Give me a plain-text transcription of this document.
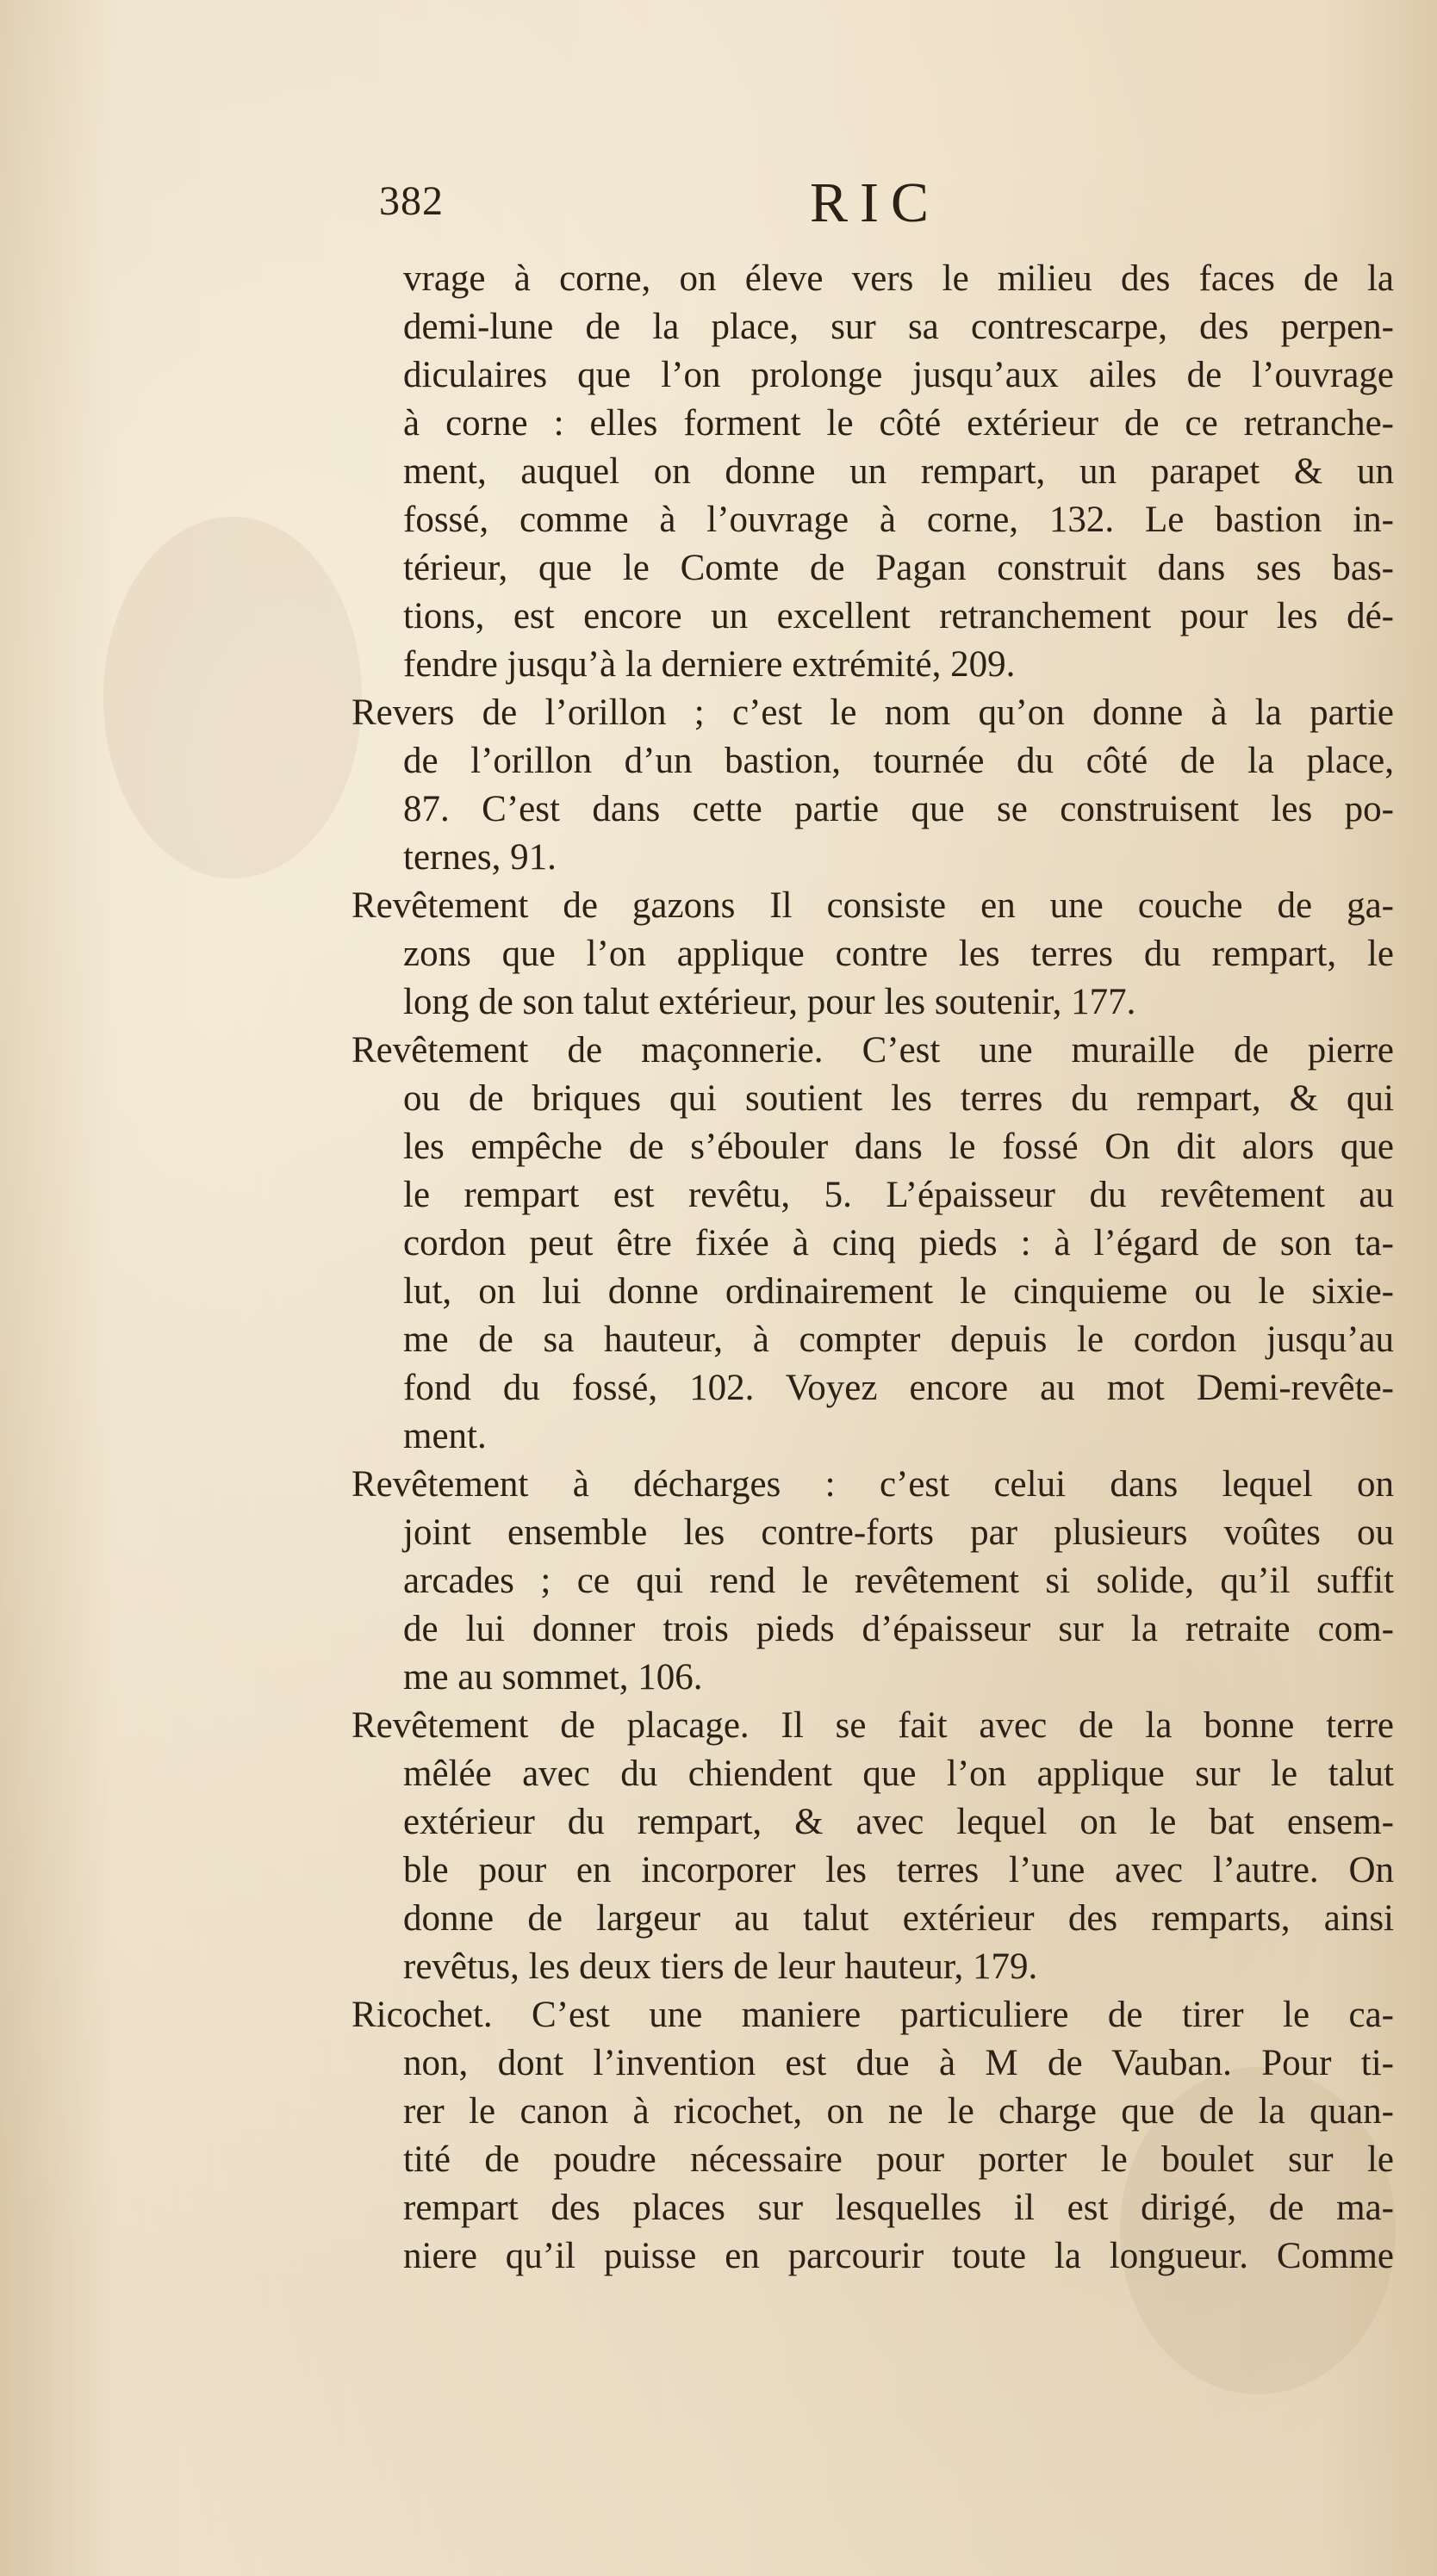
382	RIC
vrage à corne, on éleve vers le milieu des faces de la
demi-lune de la place, sur sa contrescarpe, des perpen-
diculaires que l’on prolonge jusqu’aux ailes de l’ouvrage
à corne : elles forment le côté extérieur de ce retranche-
ment, auquel on donne un rempart, un parapet & un
fossé, comme à l’ouvrage à corne, 132. Le bastion in-
térieur, que le Comte de Pagan construit dans ses bas-
tions, est encore un excellent retranchement pour les dé-
fendre jusqu’à la derniere extrémité, 209.
Revers de l’orillon ; c’est le nom qu’on donne à la partie
de l’orillon d’un bastion, tournée du côté de la place,
87. C’est dans cette partie que se construisent les po-
ternes, 91.
Revêtement de gazons Il consiste en une couche de ga-
zons que l’on applique contre les terres du rempart, le
long de son talut extérieur, pour les soutenir, 177.
Revêtement de maçonnerie. C’est une muraille de pierre
ou de briques qui soutient les terres du rempart, & qui
les empêche de s’ébouler dans le fossé On dit alors que
le rempart est revêtu, 5. L’épaisseur du revêtement au
cordon peut être fixée à cinq pieds : à l’égard de son ta-
lut, on lui donne ordinairement le cinquieme ou le sixie-
me de sa hauteur, à compter depuis le cordon jusqu’au
fond du fossé, 102. Voyez encore au mot Demi-revête-
ment.
Revêtement à décharges : c’est celui dans lequel on
joint ensemble les contre-forts par plusieurs voûtes ou
arcades ; ce qui rend le revêtement si solide, qu’il suffit
de lui donner trois pieds d’épaisseur sur la retraite com-
me au sommet, 106.
Revêtement de placage. Il se fait avec de la bonne terre
mêlée avec du chiendent que l’on applique sur le talut
extérieur du rempart, & avec lequel on le bat ensem-
ble pour en incorporer les terres l’une avec l’autre. On
donne de largeur au talut extérieur des remparts, ainsi
revêtus, les deux tiers de leur hauteur, 179.
Ricochet. C’est une maniere particuliere de tirer le ca-
non, dont l’invention est due à M de Vauban. Pour ti-
rer le canon à ricochet, on ne le charge que de la quan-
tité de poudre nécessaire pour porter le boulet sur le
rempart des places sur lesquelles il est dirigé, de ma-
niere qu’il puisse en parcourir toute la longueur. Comme
